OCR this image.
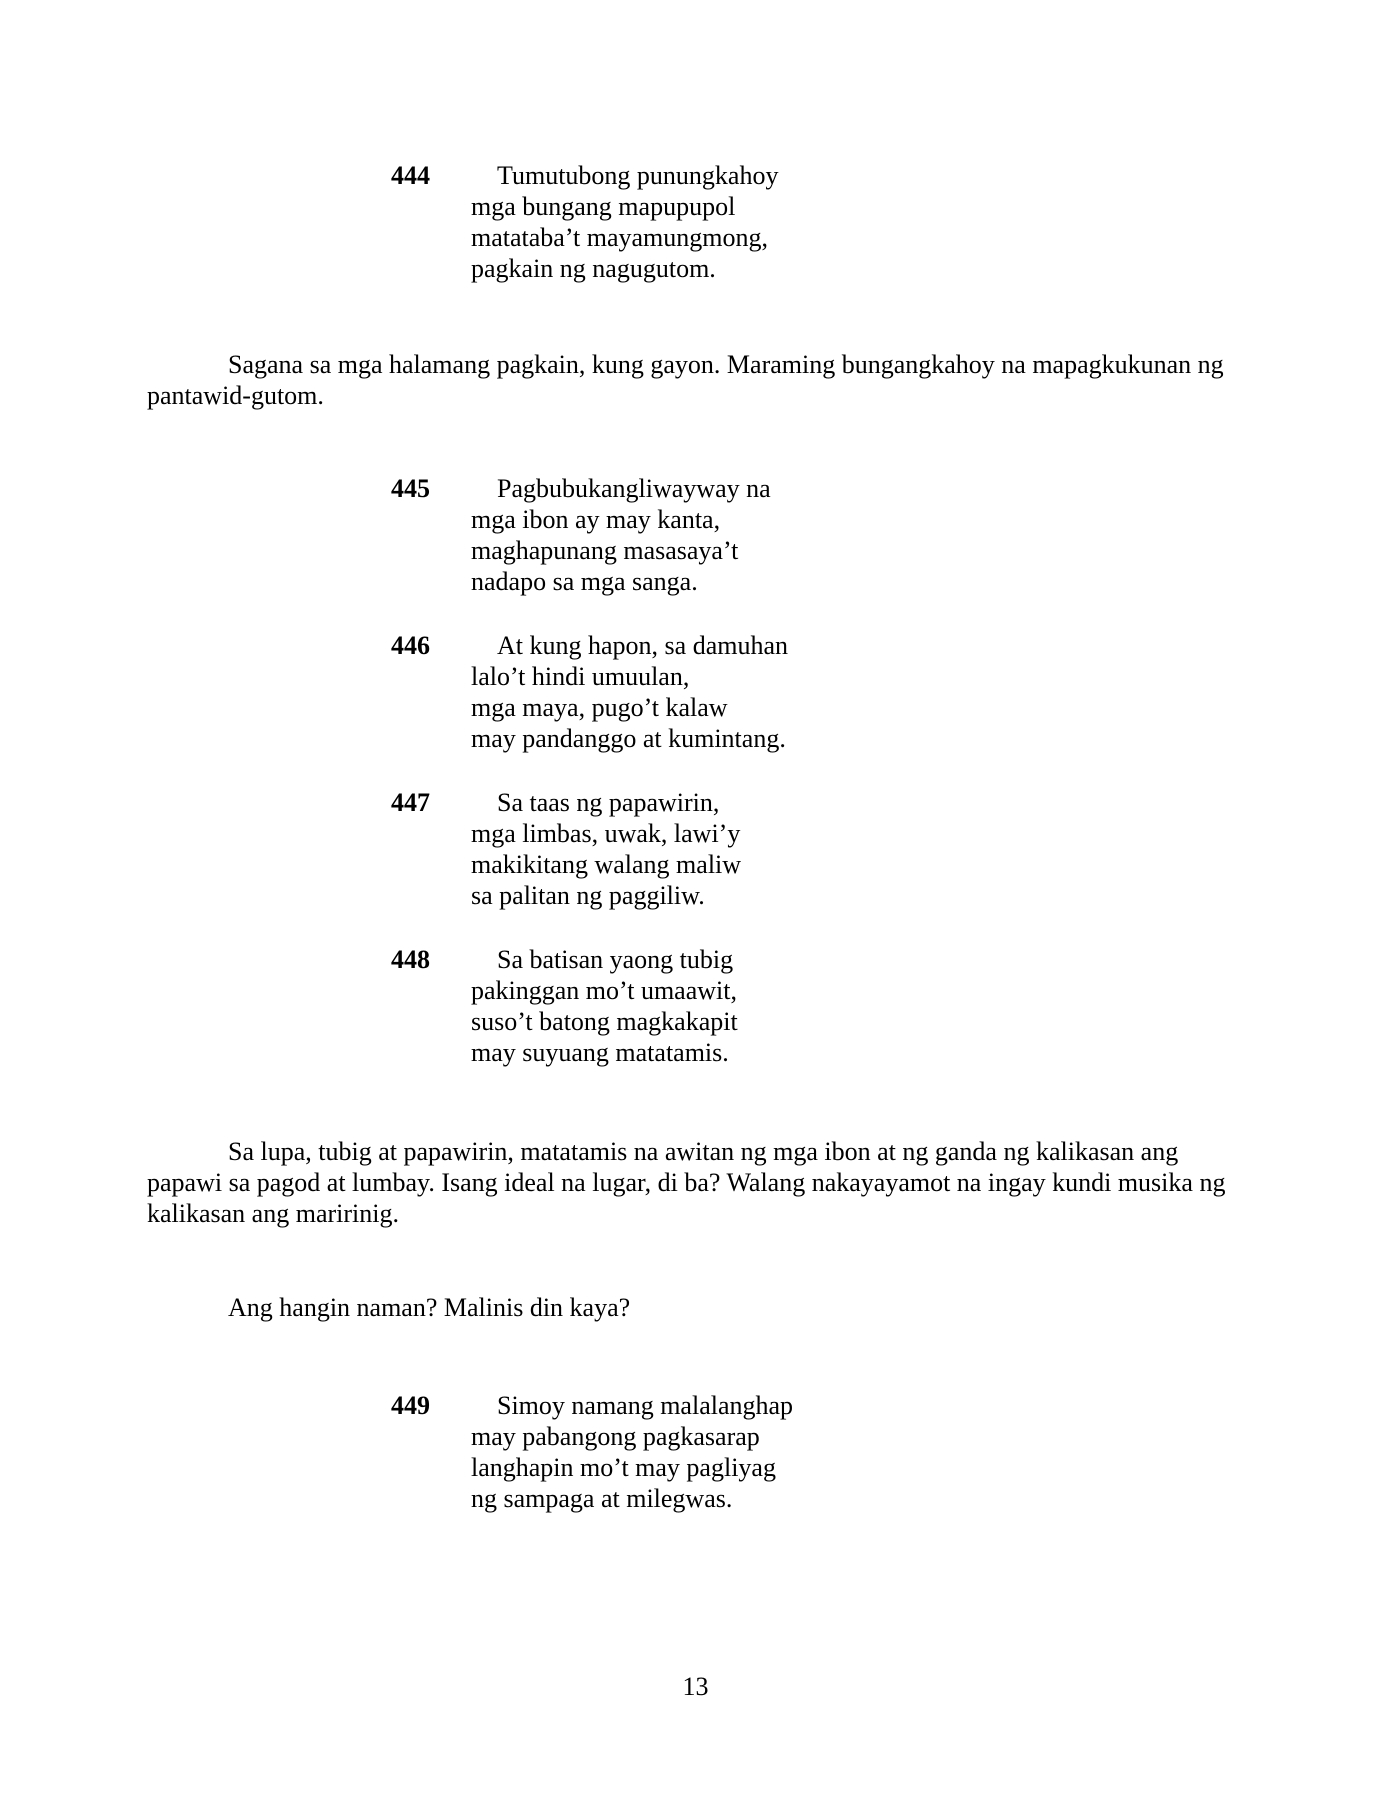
444	Tumutubong punungkahoy
mga bungang mapupupol
matataba’t mayamungmong,
pagkain ng nagugutom.

Sagana sa mga halamang pagkain, kung gayon. Maraming bungangkahoy na mapagkukunan ng pantawid-gutom.

445	Pagbubukangliwayway na
mga ibon ay may kanta,
maghapunang masasaya’t
nadapo sa mga sanga.
446	At kung hapon, sa damuhan
lalo’t hindi umuulan,
mga maya, pugo’t kalaw
may pandanggo at kumintang.
447	Sa taas ng papawirin,
mga limbas, uwak, lawi’y
makikitang walang maliw
sa palitan ng paggiliw.
448	Sa batisan yaong tubig
pakinggan mo’t umaawit,
suso’t batong magkakapit
may suyuang matatamis.

Sa lupa, tubig at papawirin, matatamis na awitan ng mga ibon at ng ganda ng kalikasan ang papawi sa pagod at lumbay. Isang ideal na lugar, di ba? Walang nakayayamot na ingay kundi musika ng kalikasan ang maririnig.

Ang hangin naman? Malinis din kaya?

449	Simoy namang malalanghap
may pabangong pagkasarap
langhapin mo’t may pagliyag
ng sampaga at milegwas.
13
